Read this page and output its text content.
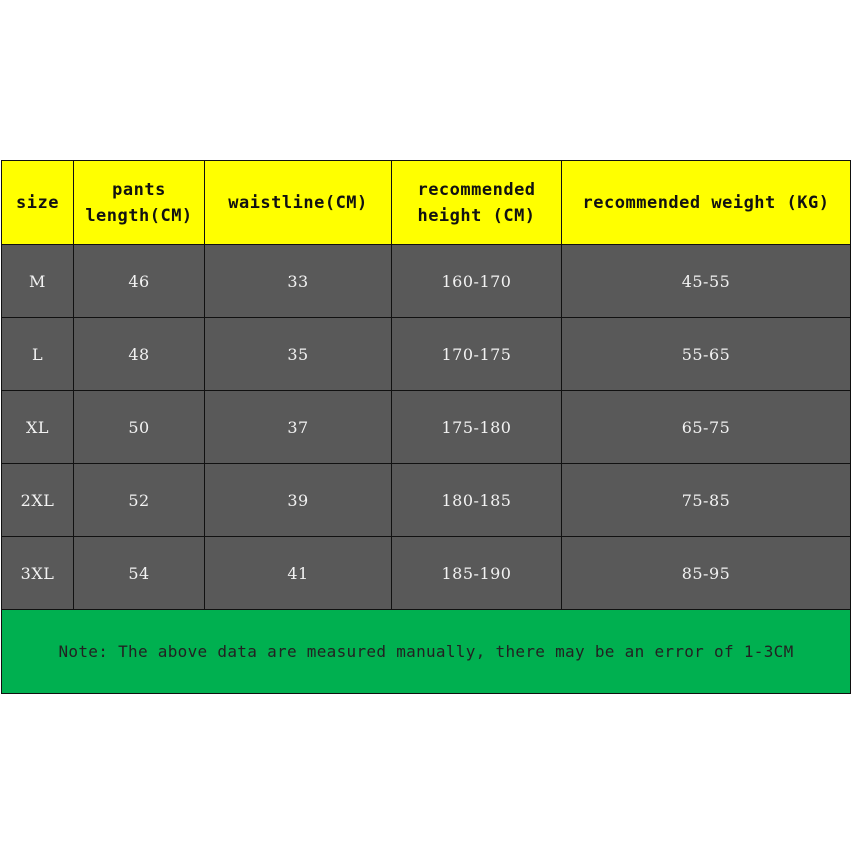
size	pants length(CM)	waistline(CM)	recommended height (CM)	recommended weight (KG)
M	46	33	160-170	45-55
L	48	35	170-175	55-65
XL	50	37	175-180	65-75
2XL	52	39	180-185	75-85
3XL	54	41	185-190	85-95
Note: The above data are measured manually, there may be an error of 1-3CM				
